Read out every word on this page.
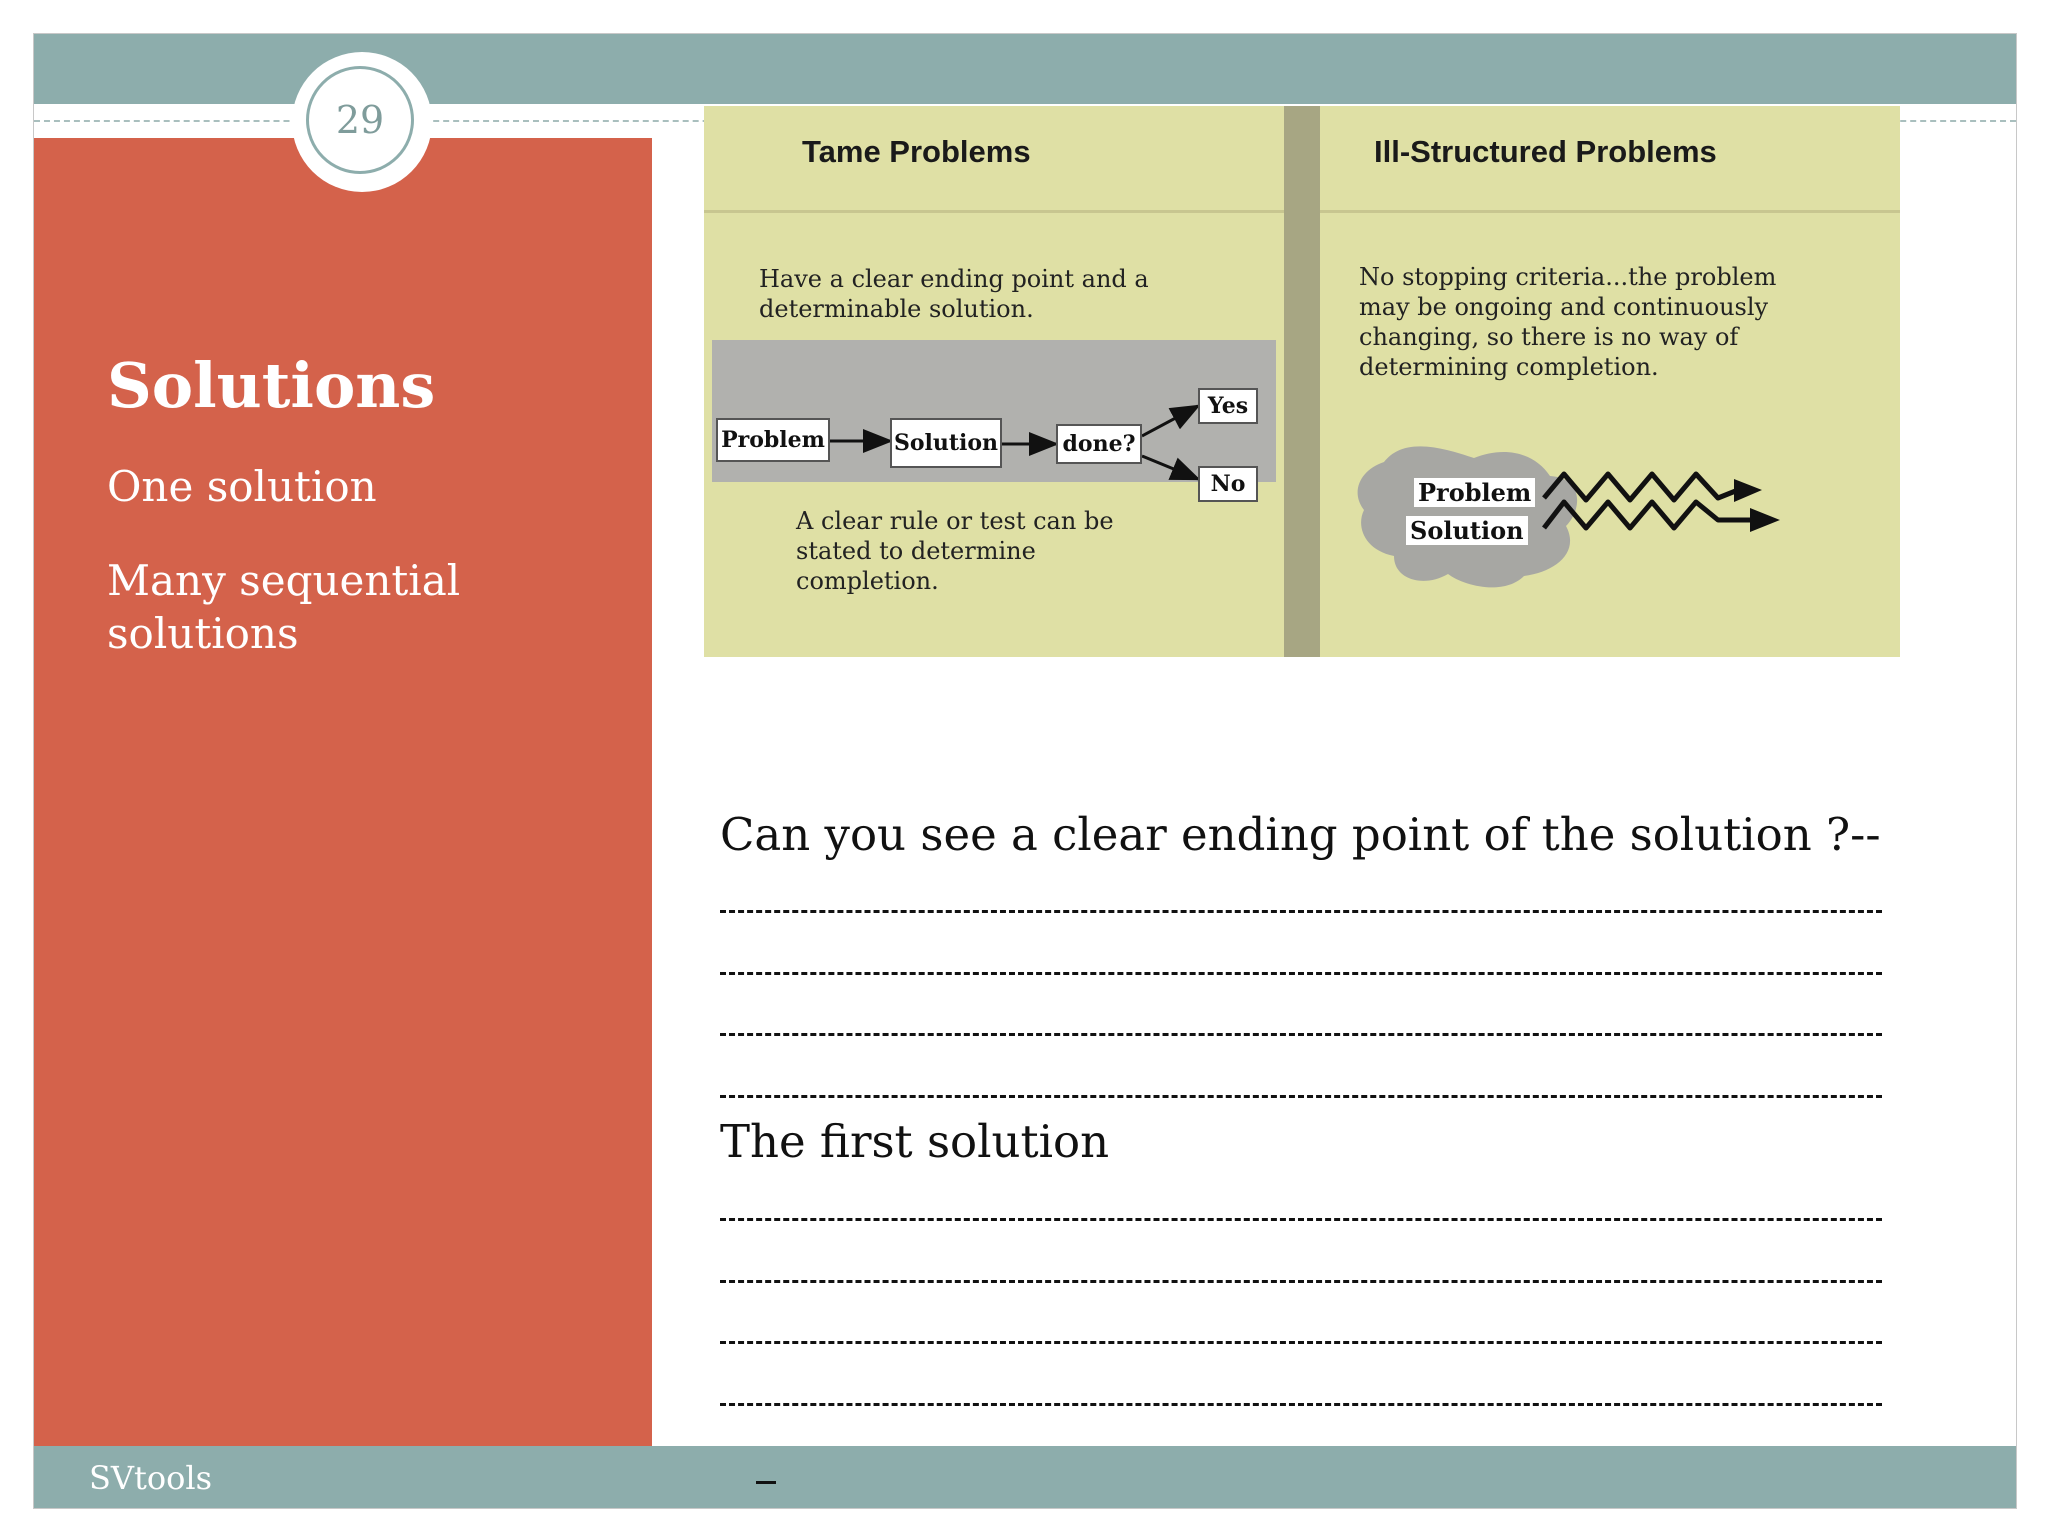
29
Solutions
One solution
Many sequential solutions
SVtools
Tame Problems	Ill-Structured Problems
Have a clear ending point and a determinable solution.
Problem	Solution	done?
Yes
No
A clear rule or test can be stated to determine completion.
No stopping criteria...the problem may be ongoing and continuously changing, so there is no way of determining completion.
Problem
Solution
Can you see a clear ending point of the solution ?--
The first solution
